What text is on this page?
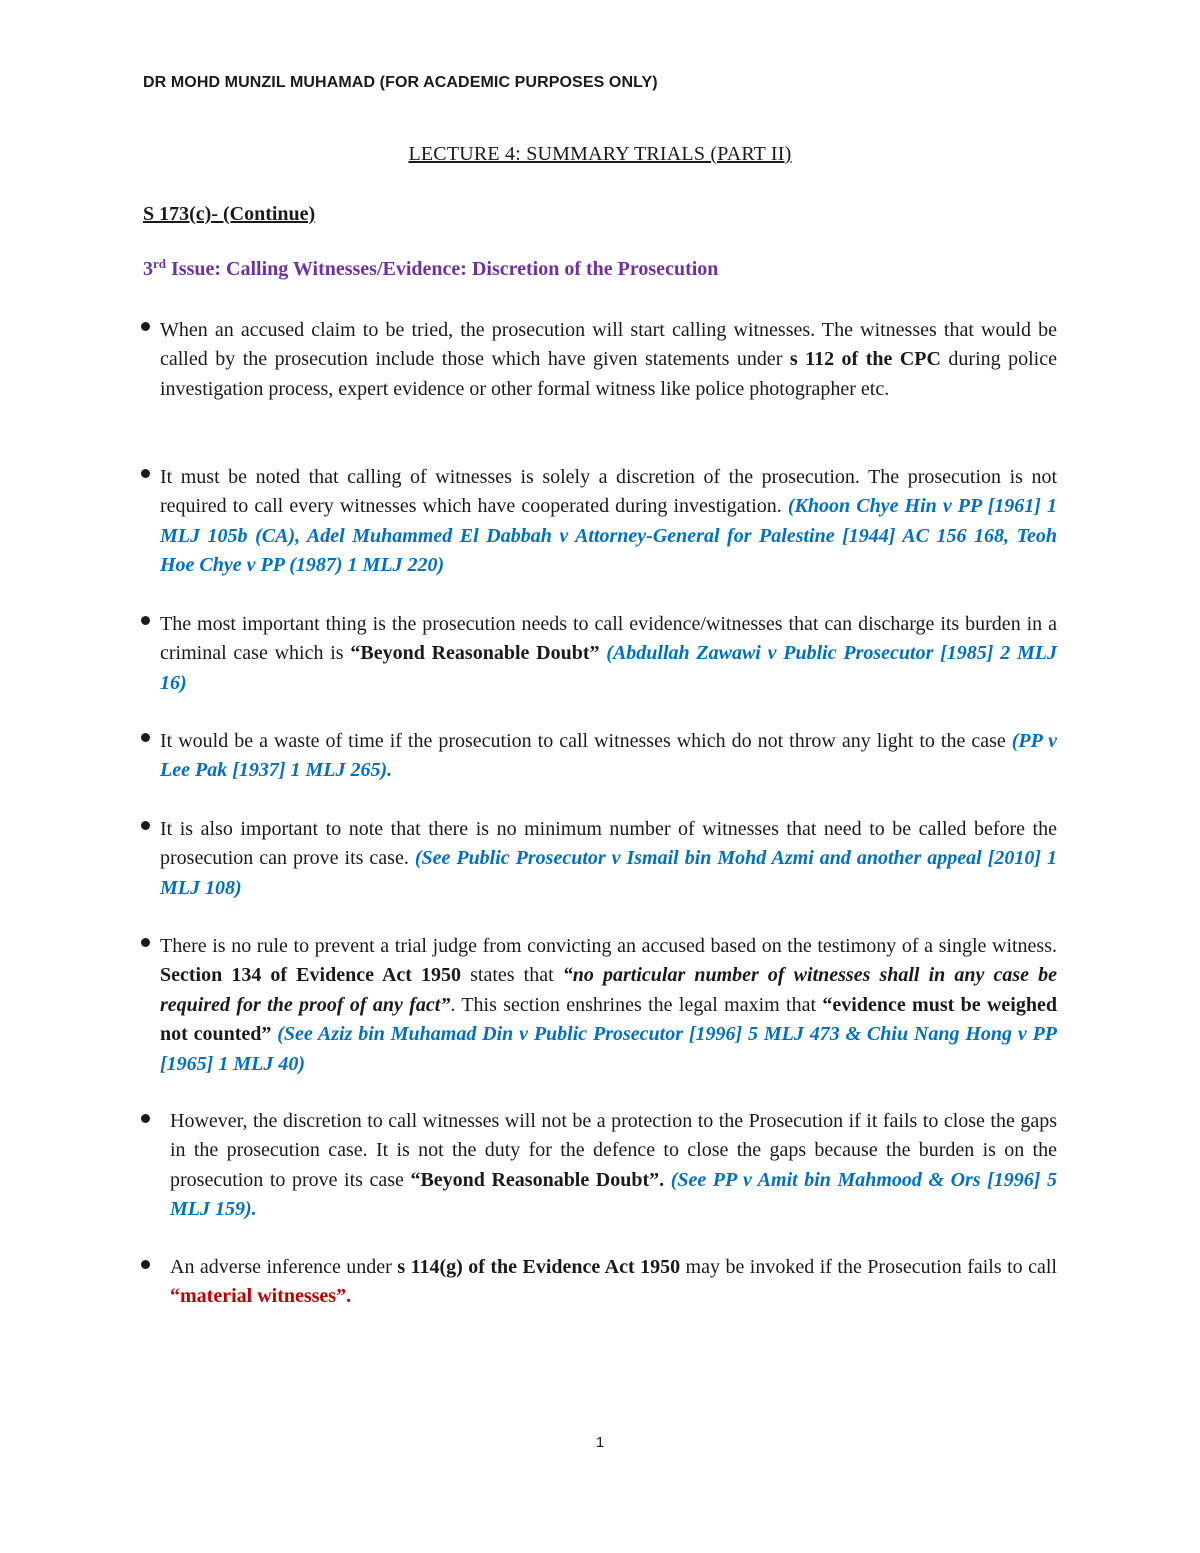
DR MOHD MUNZIL MUHAMAD (FOR ACADEMIC PURPOSES ONLY)
LECTURE 4: SUMMARY TRIALS (PART II)
S 173(c)- (Continue)
3rd Issue: Calling Witnesses/Evidence: Discretion of the Prosecution
When an accused claim to be tried, the prosecution will start calling witnesses. The witnesses that would be called by the prosecution include those which have given statements under s 112 of the CPC during police investigation process, expert evidence or other formal witness like police photographer etc.
It must be noted that calling of witnesses is solely a discretion of the prosecution. The prosecution is not required to call every witnesses which have cooperated during investigation. (Khoon Chye Hin v PP [1961] 1 MLJ 105b (CA), Adel Muhammed El Dabbah v Attorney-General for Palestine [1944] AC 156 168, Teoh Hoe Chye v PP (1987) 1 MLJ 220)
The most important thing is the prosecution needs to call evidence/witnesses that can discharge its burden in a criminal case which is “Beyond Reasonable Doubt” (Abdullah Zawawi v Public Prosecutor [1985] 2 MLJ 16)
It would be a waste of time if the prosecution to call witnesses which do not throw any light to the case (PP v Lee Pak [1937] 1 MLJ 265).
It is also important to note that there is no minimum number of witnesses that need to be called before the prosecution can prove its case. (See Public Prosecutor v Ismail bin Mohd Azmi and another appeal [2010] 1 MLJ 108)
There is no rule to prevent a trial judge from convicting an accused based on the testimony of a single witness. Section 134 of Evidence Act 1950 states that “no particular number of witnesses shall in any case be required for the proof of any fact”. This section enshrines the legal maxim that “evidence must be weighed not counted” (See Aziz bin Muhamad Din v Public Prosecutor [1996] 5 MLJ 473 & Chiu Nang Hong v PP [1965] 1 MLJ 40)
However, the discretion to call witnesses will not be a protection to the Prosecution if it fails to close the gaps in the prosecution case. It is not the duty for the defence to close the gaps because the burden is on the prosecution to prove its case “Beyond Reasonable Doubt”. (See PP v Amit bin Mahmood & Ors [1996] 5 MLJ 159).
An adverse inference under s 114(g) of the Evidence Act 1950 may be invoked if the Prosecution fails to call “material witnesses”.
1
